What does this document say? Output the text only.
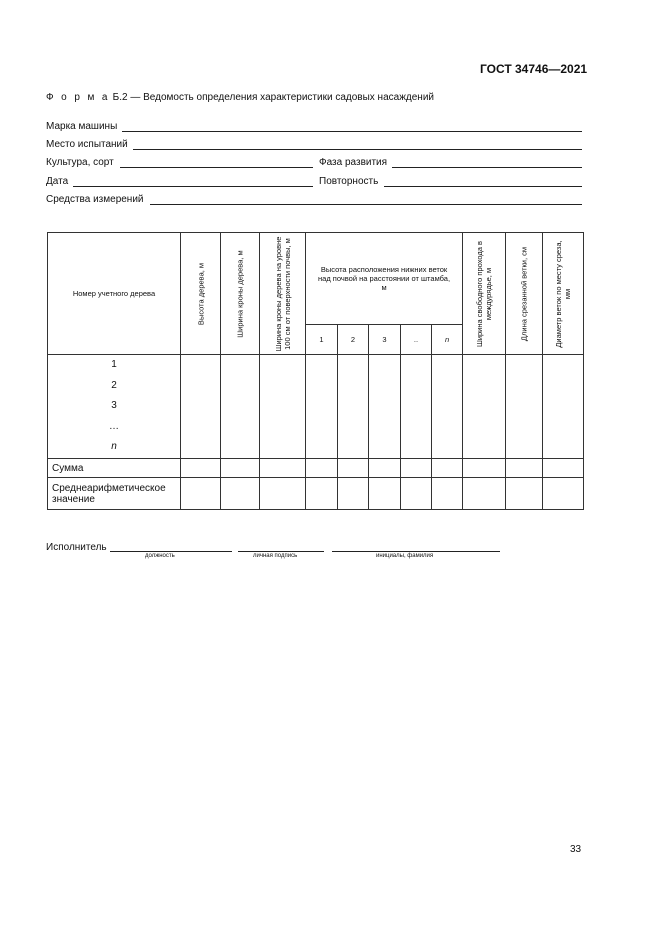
ГОСТ 34746—2021
Ф о р м а Б.2 — Ведомость определения характеристики садовых насаждений
Марка машины
Место испытаний
Культура, сорт	Фаза развития
Дата	Повторность
Средства измерений
Номер учетного дерева	Высота дерева, м	Ширина кроны дерева, м	Ширина кроны дерева на уровне 100 см от поверхности почвы, м	Высота расположения нижних веток над почвой на расстоянии от штамба, м					Ширина свободного прохода в междурядье, м	Длина срезанной ветки, см	Диаметр веток по месту среза, мм

				1	2	3	..	n			

1
2
3
…
n											

Сумма											
Среднеарифметическое значение											
Исполнитель
должность	личная подпись	инициалы, фамилия
33
